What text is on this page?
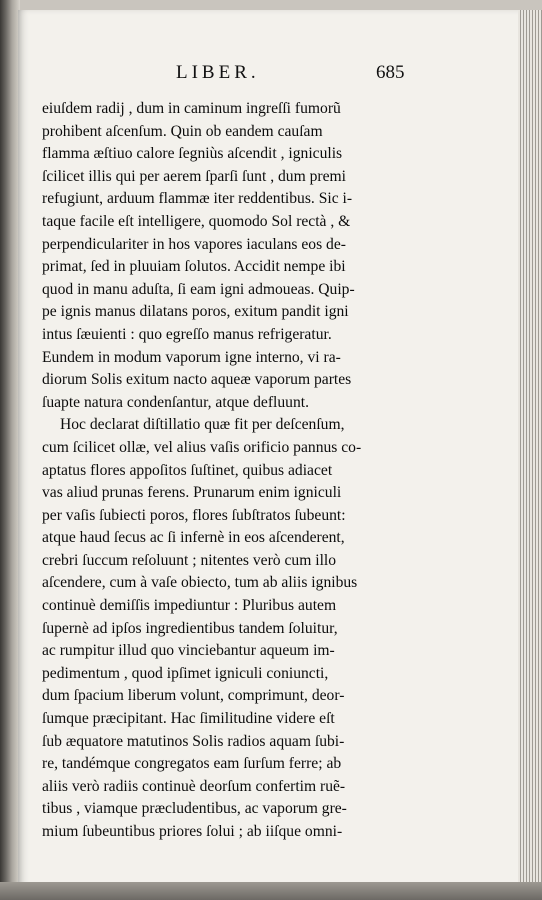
LIBER.	685
eiuſdem radij , dum in caminum ingreſſi fumorũ
prohibent aſcenſum. Quin ob eandem cauſam
flamma æſtiuo calore ſegniùs aſcendit , igniculis
ſcilicet illis qui per aerem ſparſi ſunt , dum premi
refugiunt, arduum flammæ iter reddentibus. Sic i-
taque facile eſt intelligere, quomodo Sol rectà , &
perpendiculariter in hos vapores iaculans eos de-
primat, ſed in pluuiam ſolutos. Accidit nempe ibi
quod in manu aduſta, ſi eam igni admoueas. Quip-
pe ignis manus dilatans poros, exitum pandit igni
intus ſæuienti : quo egreſſo manus refrigeratur.
Eundem in modum vaporum igne interno, vi ra-
diorum Solis exitum nacto aqueæ vaporum partes
ſuapte natura condenſantur, atque defluunt.
Hoc declarat diſtillatio quæ fit per deſcenſum,
cum ſcilicet ollæ, vel alius vaſis orificio pannus co-
aptatus flores appoſitos ſuſtinet, quibus adiacet
vas aliud prunas ferens. Prunarum enim igniculi
per vaſis ſubiecti poros, flores ſubſtratos ſubeunt:
atque haud ſecus ac ſi infernè in eos aſcenderent,
crebri ſuccum reſoluunt ; nitentes verò cum illo
aſcendere, cum à vaſe obiecto, tum ab aliis ignibus
continuè demiſſis impediuntur : Pluribus autem
ſupernè ad ipſos ingredientibus tandem ſoluitur,
ac rumpitur illud quo vinciebantur aqueum im-
pedimentum , quod ipſimet igniculi coniuncti,
dum ſpacium liberum volunt, comprimunt, deor-
ſumque præcipitant. Hac ſimilitudine videre eſt
ſub æquatore matutinos Solis radios aquam ſubi-
re, tandémque congregatos eam ſurſum ferre; ab
aliis verò radiis continuè deorſum confertim ruẽ-
tibus , viamque præcludentibus, ac vaporum gre-
mium ſubeuntibus priores ſolui ; ab iiſque omni-
